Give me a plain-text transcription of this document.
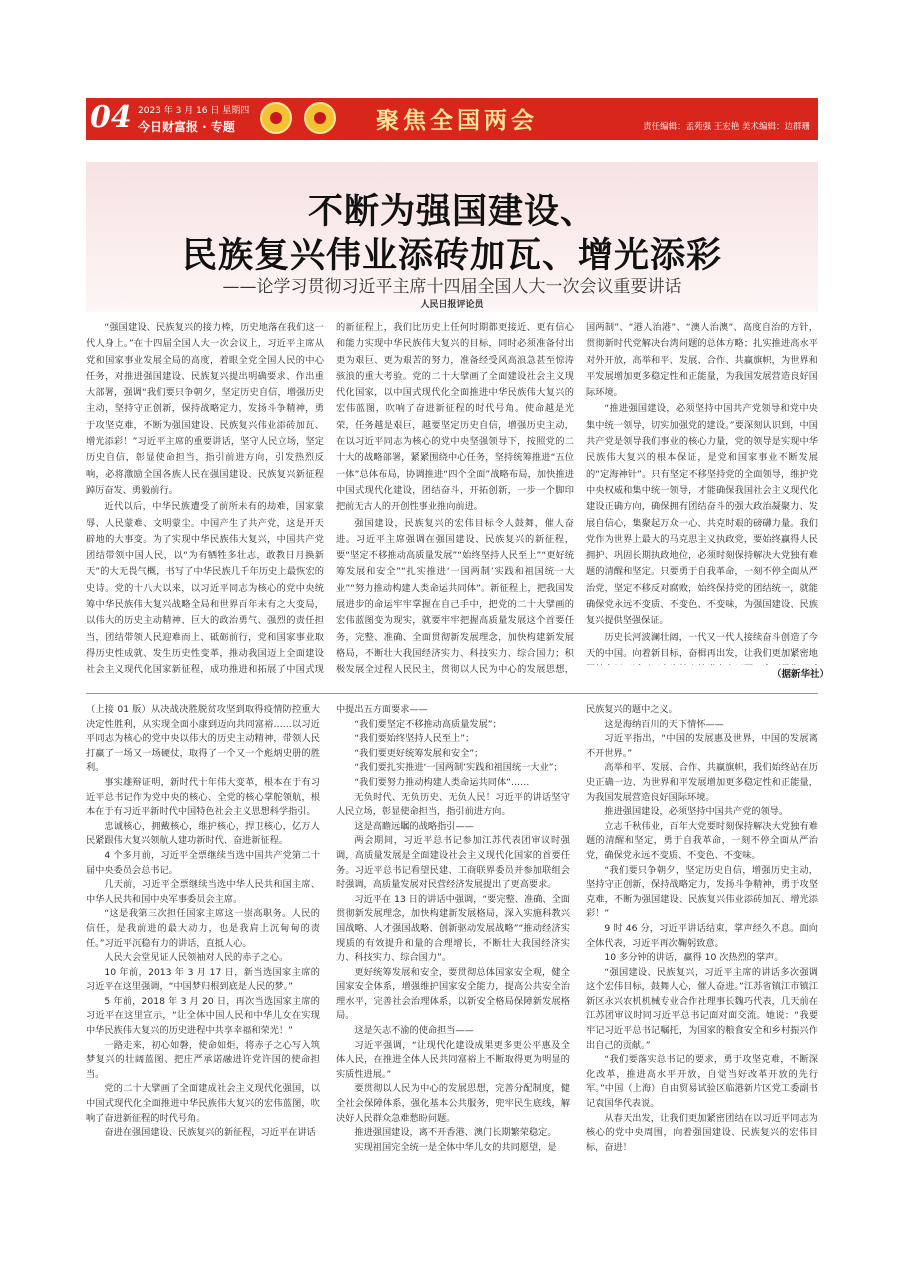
04 2023 年 3 月 16 日 星期四
今日财富报 · 专题	聚焦全国两会	责任编辑：孟苑强 王宏艳 美术编辑：边群珊
不断为强国建设、
民族复兴伟业添砖加瓦、增光添彩
——论学习贯彻习近平主席十四届全国人大一次会议重要讲话
人民日报评论员

“强国建设、民族复兴的接力棒，历史地落在我们这一代人身上。”在十四届全国人大一次会议上，习近平主席从党和国家事业发展全局的高度，着眼全党全国人民的中心任务，对推进强国建设、民族复兴提出明确要求、作出重大部署，强调“我们要只争朝夕，坚定历史自信，增强历史主动，坚持守正创新，保持战略定力，发扬斗争精神，勇于攻坚克难，不断为强国建设、民族复兴伟业添砖加瓦、增光添彩！”习近平主席的重要讲话，坚守人民立场，坚定历史自信，彰显使命担当，指引前进方向，引发热烈反响，必将激励全国各族人民在强国建设、民族复兴新征程踔厉奋发、勇毅前行。

近代以后，中华民族遭受了前所未有的劫难，国家蒙辱、人民蒙难、文明蒙尘。中国产生了共产党，这是开天辟地的大事变。为了实现中华民族伟大复兴，中国共产党团结带领中国人民，以“为有牺牲多壮志，敢教日月换新天”的大无畏气概，书写了中华民族几千年历史上最恢宏的史诗。党的十八大以来，以习近平同志为核心的党中央统筹中华民族伟大复兴战略全局和世界百年未有之大变局，以伟大的历史主动精神、巨大的政治勇气、强烈的责任担当，团结带领人民迎难而上、砥砺前行，党和国家事业取得历史性成就、发生历史性变革，推动我国迈上全面建设社会主义现代化国家新征程，成功推进和拓展了中国式现

的新征程上，我们比历史上任何时期都更接近、更有信心和能力实现中华民族伟大复兴的目标，同时必须准备付出更为艰巨、更为艰苦的努力，准备经受风高浪急甚至惊涛骇浪的重大考验。党的二十大擘画了全面建设社会主义现代化国家，以中国式现代化全面推进中华民族伟大复兴的宏伟蓝图，吹响了奋进新征程的时代号角。使命越是光荣，任务越是艰巨，越要坚定历史自信，增强历史主动，在以习近平同志为核心的党中央坚强领导下，按照党的二十大的战略部署，紧紧围绕中心任务，坚持统筹推进“五位一体”总体布局，协调推进“四个全面”战略布局，加快推进中国式现代化建设，团结奋斗，开拓创新，一步一个脚印把前无古人的开创性事业推向前进。

强国建设，民族复兴的宏伟目标令人鼓舞，催人奋进。习近平主席强调在强国建设、民族复兴的新征程，要“坚定不移推动高质量发展”“始终坚持人民至上”“更好统筹发展和安全”“扎实推进‘一国两制’实践和祖国统一大业”“努力推动构建人类命运共同体”。新征程上，把我国发展进步的命运牢牢掌握在自己手中，把党的二十大擘画的宏伟蓝图变为现实，就要牢牢把握高质量发展这个首要任务，完整、准确、全面贯彻新发展理念，加快构建新发展格局，不断壮大我国经济实力、科技实力、综合国力；积极发展全过程人民民主，贯彻以人民为中心的发展思想，

国两制”、“港人治港”、“澳人治澳”、高度自治的方针，贯彻新时代党解决台湾问题的总体方略；扎实推进高水平对外开放，高举和平、发展、合作、共赢旗帜，为世界和平发展增加更多稳定性和正能量，为我国发展营造良好国际环境。

“推进强国建设，必须坚持中国共产党领导和党中央集中统一领导，切实加强党的建设。”要深刻认识到，中国共产党是领导我们事业的核心力量，党的领导是实现中华民族伟大复兴的根本保证，是党和国家事业不断发展的“定海神针”。只有坚定不移坚持党的全面领导，维护党中央权威和集中统一领导，才能确保我国社会主义现代化建设正确方向，确保拥有团结奋斗的强大政治凝聚力、发展自信心，集聚起万众一心、共克时艰的磅礴力量。我们党作为世界上最大的马克思主义执政党，要始终赢得人民拥护、巩固长期执政地位，必须时刻保持解决大党独有难题的清醒和坚定。只要勇于自我革命，一刻不停全面从严治党，坚定不移反对腐败，始终保持党的团结统一，就能确保党永远不变质、不变色、不变味，为强国建设、民族复兴提供坚强保证。

历史长河波澜壮阔，一代又一代人接续奋斗创造了今天的中国。向着新目标，奋楫再出发，让我们更加紧密地

（据新华社）

（上接 01 版）从决战决胜脱贫攻坚到取得疫情防控重大决定性胜利，从实现全面小康到迈向共同富裕……以习近平同志为核心的党中央以伟大的历史主动精神，带领人民打赢了一场又一场硬仗，取得了一个又一个彪炳史册的胜利。

事实雄辩证明，新时代十年伟大变革，根本在于有习近平总书记作为党中央的核心、全党的核心掌舵领航，根本在于有习近平新时代中国特色社会主义思想科学指引。

忠诚核心，拥戴核心，维护核心，捍卫核心，亿万人民紧跟伟大复兴领航人建功新时代、奋进新征程。

4 个多月前，习近平全票继续当选中国共产党第二十届中央委员会总书记。

几天前，习近平全票继续当选中华人民共和国主席、中华人民共和国中央军事委员会主席。

“这是我第三次担任国家主席这一崇高职务。人民的信任，是我前进的最大动力，也是我肩上沉甸甸的责任。”习近平沉稳有力的讲话，直抵人心。

人民大会堂见证人民领袖对人民的赤子之心。

10 年前，2013 年 3 月 17 日，新当选国家主席的习近平在这里强调，“中国梦归根到底是人民的梦。”

5 年前，2018 年 3 月 20 日，再次当选国家主席的习近平在这里宣示，“让全体中国人民和中华儿女在实现中华民族伟大复兴的历史进程中共享幸福和荣光！”

一路走来，初心如磐，使命如炬，将赤子之心写入筑梦复兴的壮阔蓝图、把庄严承诺融进许党许国的使命担当。

党的二十大擘画了全面建成社会主义现代化强国，以中国式现代化全面推进中华民族伟大复兴的宏伟蓝图，吹响了奋进新征程的时代号角。

奋进在强国建设、民族复兴的新征程，习近平在讲话

中提出五方面要求——

“我们要坚定不移推动高质量发展”；

“我们要始终坚持人民至上”；

“我们要更好统筹发展和安全”；

“我们要扎实推进‘一国两制’实践和祖国统一大业”；

“我们要努力推动构建人类命运共同体”……

无负时代、无负历史、无负人民！习近平的讲话坚守人民立场，彰显使命担当，指引前进方向。

这是高瞻远瞩的战略指引——

两会期间，习近平总书记参加江苏代表团审议时强调，高质量发展是全面建设社会主义现代化国家的首要任务。习近平总书记看望民建、工商联界委员并参加联组会时强调，高质量发展对民营经济发展提出了更高要求。

习近平在 13 日的讲话中强调，“要完整、准确、全面贯彻新发展理念，加快构建新发展格局，深入实施科教兴国战略、人才强国战略、创新驱动发展战略”“推动经济实现质的有效提升和量的合理增长，不断壮大我国经济实力、科技实力、综合国力”。

更好统筹发展和安全，要贯彻总体国家安全观，健全国家安全体系，增强维护国家安全能力，提高公共安全治理水平，完善社会治理体系，以新安全格局保障新发展格局。

这是矢志不渝的使命担当——

习近平强调，“让现代化建设成果更多更公平惠及全体人民，在推进全体人民共同富裕上不断取得更为明显的实质性进展。”

要贯彻以人民为中心的发展思想，完善分配制度，健全社会保障体系，强化基本公共服务，兜牢民生底线，解决好人民群众急难愁盼问题。

推进强国建设，离不开香港、澳门长期繁荣稳定。

实现祖国完全统一是全体中华儿女的共同愿望，是

民族复兴的题中之义。

这是海纳百川的天下情怀——

习近平指出，“中国的发展惠及世界，中国的发展离不开世界。”

高举和平、发展、合作、共赢旗帜，我们始终站在历史正确一边、为世界和平发展增加更多稳定性和正能量，为我国发展营造良好国际环境。

推进强国建设，必须坚持中国共产党的领导。

立志千秋伟业，百年大党要时刻保持解决大党独有难题的清醒和坚定，勇于自我革命，一刻不停全面从严治党，确保党永远不变质、不变色、不变味。

“我们要只争朝夕，坚定历史自信，增强历史主动，坚持守正创新，保持战略定力，发扬斗争精神，勇于攻坚克难，不断为强国建设、民族复兴伟业添砖加瓦、增光添彩！”

9 时 46 分，习近平讲话结束，掌声经久不息。面向全体代表，习近平再次鞠躬致意。

10 多分钟的讲话，赢得 10 次热烈的掌声。

“强国建设、民族复兴，习近平主席的讲话多次强调这个宏伟目标，鼓舞人心，催人奋进。”江苏省镇江市镇江新区永兴农机机械专业合作社理事长魏巧代表，几天前在江苏团审议时同习近平总书记面对面交流。她说：“我要牢记习近平总书记嘱托，为国家的粮食安全和乡村振兴作出自己的贡献。”

“我们要落实总书记的要求，勇于攻坚克难，不断深化改革，推进高水平开放，自觉当好改革开放的先行军。”中国（上海）自由贸易试验区临港新片区党工委副书记袁国华代表说。

从春天出发，让我们更加紧密团结在以习近平同志为核心的党中央周围，向着强国建设、民族复兴的宏伟目标，奋进！
